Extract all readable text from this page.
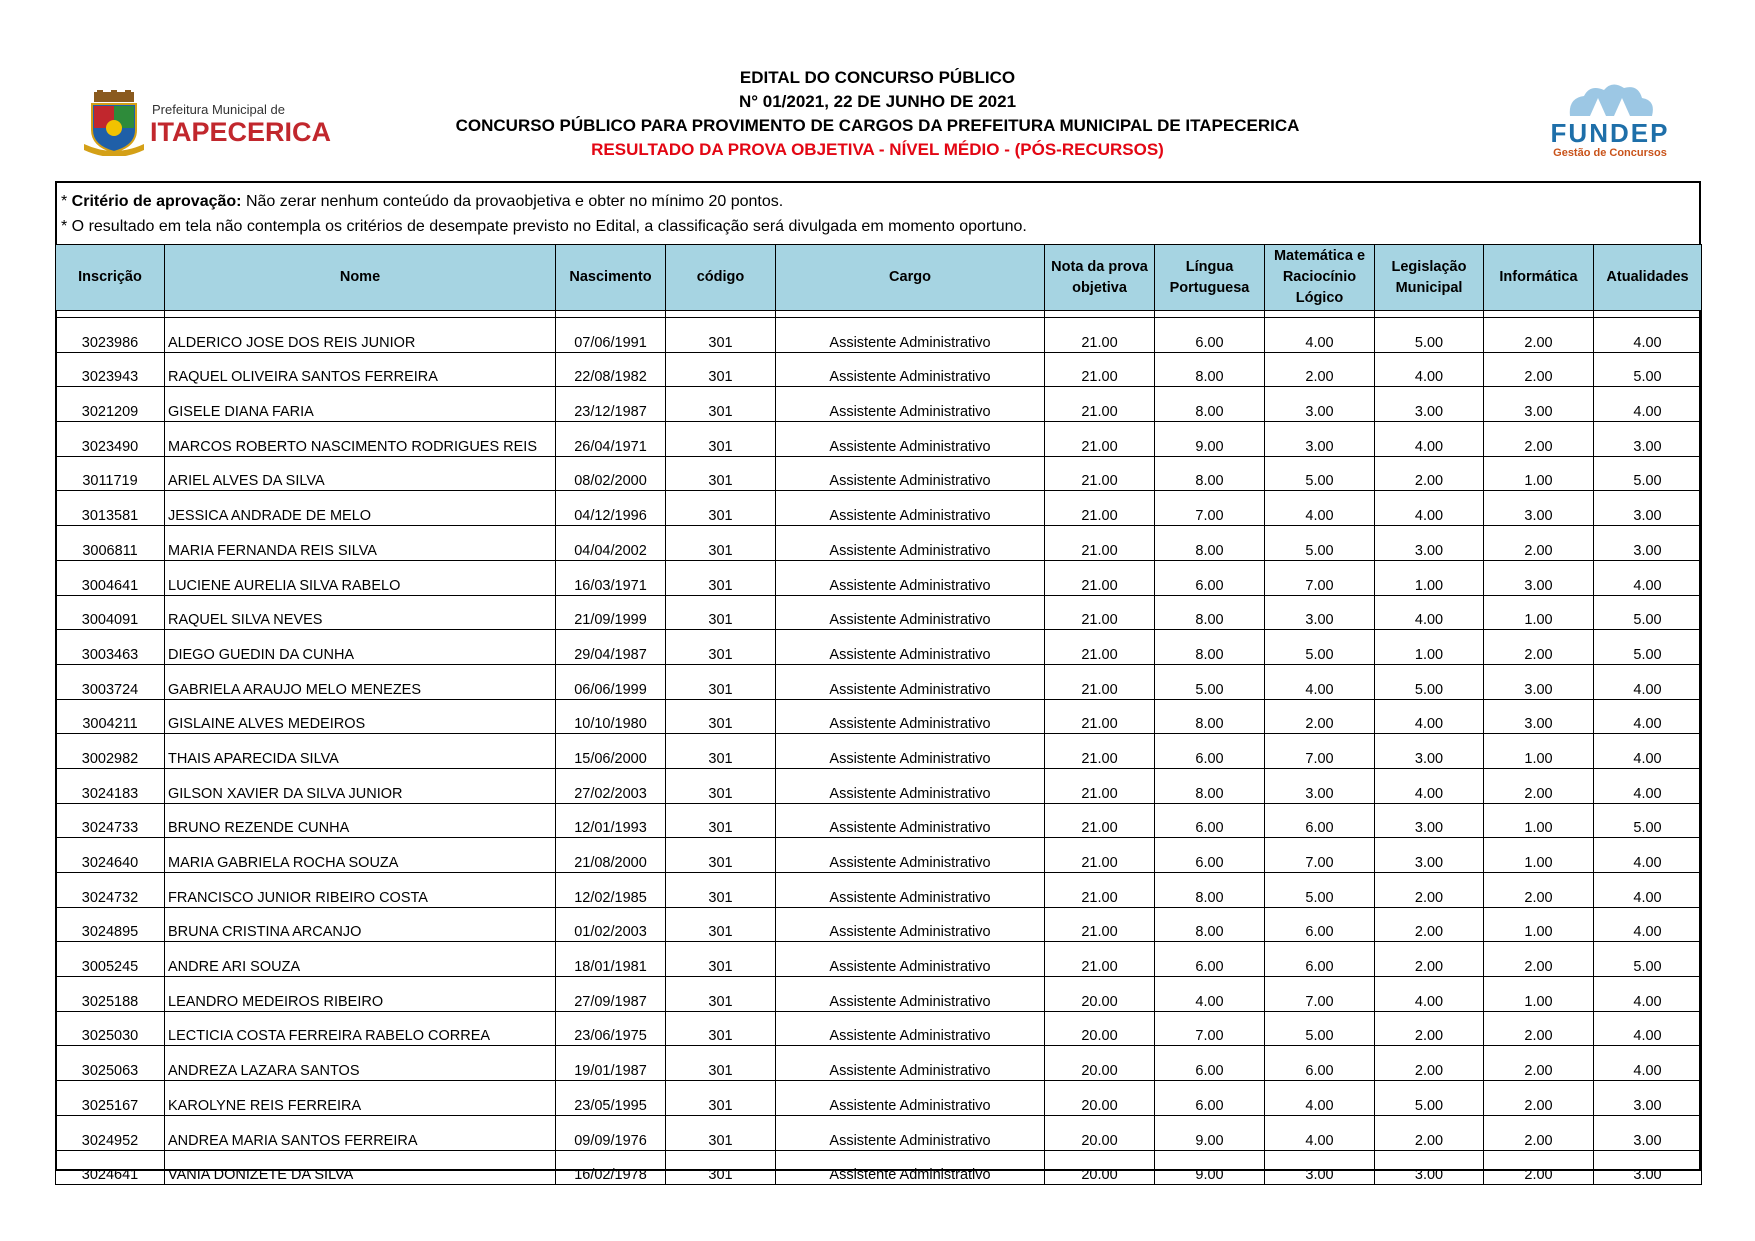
EDITAL DO CONCURSO PÚBLICO
N° 01/2021, 22 DE JUNHO DE 2021
CONCURSO PÚBLICO PARA PROVIMENTO DE CARGOS DA PREFEITURA MUNICIPAL DE ITAPECERICA
RESULTADO DA PROVA OBJETIVA - NÍVEL MÉDIO - (PÓS-RECURSOS)
Prefeitura Municipal de
ITAPECERICA	FUNDEP
Gestão de Concursos
* Critério de aprovação: Não zerar nenhum conteúdo da provaobjetiva e obter no mínimo 20 pontos.
* O resultado em tela não contempla os critérios de desempate previsto no Edital, a classificação será divulgada em momento oportuno.
Inscrição	Nome	Nascimento	código	Cargo	Nota da prova objetiva	Língua Portuguesa	Matemática e Raciocínio Lógico	Legislação Municipal	Informática	Atualidades

3023986	ALDERICO JOSE DOS REIS JUNIOR	07/06/1991	301	Assistente Administrativo	21.00	6.00	4.00	5.00	2.00	4.00
3023943	RAQUEL OLIVEIRA SANTOS FERREIRA	22/08/1982	301	Assistente Administrativo	21.00	8.00	2.00	4.00	2.00	5.00
3021209	GISELE DIANA FARIA	23/12/1987	301	Assistente Administrativo	21.00	8.00	3.00	3.00	3.00	4.00
3023490	MARCOS ROBERTO NASCIMENTO RODRIGUES REIS	26/04/1971	301	Assistente Administrativo	21.00	9.00	3.00	4.00	2.00	3.00
3011719	ARIEL ALVES DA SILVA	08/02/2000	301	Assistente Administrativo	21.00	8.00	5.00	2.00	1.00	5.00
3013581	JESSICA ANDRADE DE MELO	04/12/1996	301	Assistente Administrativo	21.00	7.00	4.00	4.00	3.00	3.00
3006811	MARIA FERNANDA REIS SILVA	04/04/2002	301	Assistente Administrativo	21.00	8.00	5.00	3.00	2.00	3.00
3004641	LUCIENE AURELIA SILVA RABELO	16/03/1971	301	Assistente Administrativo	21.00	6.00	7.00	1.00	3.00	4.00
3004091	RAQUEL SILVA NEVES	21/09/1999	301	Assistente Administrativo	21.00	8.00	3.00	4.00	1.00	5.00
3003463	DIEGO GUEDIN DA CUNHA	29/04/1987	301	Assistente Administrativo	21.00	8.00	5.00	1.00	2.00	5.00
3003724	GABRIELA ARAUJO MELO MENEZES	06/06/1999	301	Assistente Administrativo	21.00	5.00	4.00	5.00	3.00	4.00
3004211	GISLAINE ALVES MEDEIROS	10/10/1980	301	Assistente Administrativo	21.00	8.00	2.00	4.00	3.00	4.00
3002982	THAIS APARECIDA SILVA	15/06/2000	301	Assistente Administrativo	21.00	6.00	7.00	3.00	1.00	4.00
3024183	GILSON XAVIER DA SILVA JUNIOR	27/02/2003	301	Assistente Administrativo	21.00	8.00	3.00	4.00	2.00	4.00
3024733	BRUNO REZENDE CUNHA	12/01/1993	301	Assistente Administrativo	21.00	6.00	6.00	3.00	1.00	5.00
3024640	MARIA GABRIELA ROCHA SOUZA	21/08/2000	301	Assistente Administrativo	21.00	6.00	7.00	3.00	1.00	4.00
3024732	FRANCISCO JUNIOR RIBEIRO COSTA	12/02/1985	301	Assistente Administrativo	21.00	8.00	5.00	2.00	2.00	4.00
3024895	BRUNA CRISTINA ARCANJO	01/02/2003	301	Assistente Administrativo	21.00	8.00	6.00	2.00	1.00	4.00
3005245	ANDRE ARI SOUZA	18/01/1981	301	Assistente Administrativo	21.00	6.00	6.00	2.00	2.00	5.00
3025188	LEANDRO MEDEIROS RIBEIRO	27/09/1987	301	Assistente Administrativo	20.00	4.00	7.00	4.00	1.00	4.00
3025030	LECTICIA COSTA FERREIRA RABELO CORREA	23/06/1975	301	Assistente Administrativo	20.00	7.00	5.00	2.00	2.00	4.00
3025063	ANDREZA LAZARA SANTOS	19/01/1987	301	Assistente Administrativo	20.00	6.00	6.00	2.00	2.00	4.00
3025167	KAROLYNE REIS FERREIRA	23/05/1995	301	Assistente Administrativo	20.00	6.00	4.00	5.00	2.00	3.00
3024952	ANDREA MARIA SANTOS FERREIRA	09/09/1976	301	Assistente Administrativo	20.00	9.00	4.00	2.00	2.00	3.00
3024641	VANIA DONIZETE DA SILVA	16/02/1978	301	Assistente Administrativo	20.00	9.00	3.00	3.00	2.00	3.00
